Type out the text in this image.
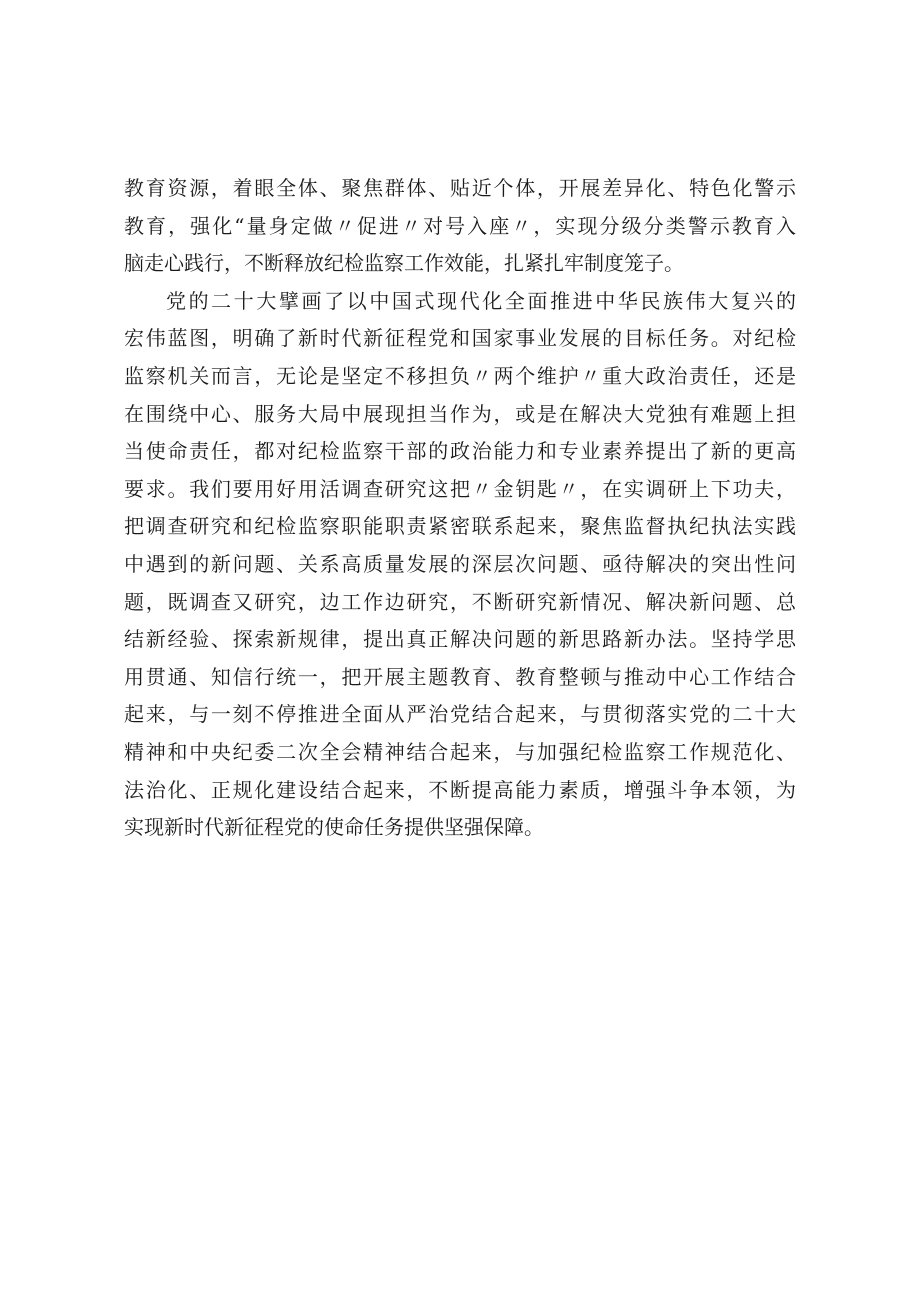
教育资源，着眼全体、聚焦群体、贴近个体，开展差异化、特色化警示
教育，强化“量身定做〃促进〃对号入座〃，实现分级分类警示教育入
脑走心践行，不断释放纪检监察工作效能，扎紧扎牢制度笼子。
党的二十大擘画了以中国式现代化全面推进中华民族伟大复兴的
宏伟蓝图，明确了新时代新征程党和国家事业发展的目标任务。对纪检
监察机关而言，无论是坚定不移担负〃两个维护〃重大政治责任，还是
在围绕中心、服务大局中展现担当作为，或是在解决大党独有难题上担
当使命责任，都对纪检监察干部的政治能力和专业素养提出了新的更高
要求。我们要用好用活调查研究这把〃金钥匙〃，在实调研上下功夫，
把调查研究和纪检监察职能职责紧密联系起来，聚焦监督执纪执法实践
中遇到的新问题、关系高质量发展的深层次问题、亟待解决的突出性问
题，既调查又研究，边工作边研究，不断研究新情况、解决新问题、总
结新经验、探索新规律，提出真正解决问题的新思路新办法。坚持学思
用贯通、知信行统一，把开展主题教育、教育整顿与推动中心工作结合
起来，与一刻不停推进全面从严治党结合起来，与贯彻落实党的二十大
精神和中央纪委二次全会精神结合起来，与加强纪检监察工作规范化、
法治化、正规化建设结合起来，不断提高能力素质，增强斗争本领，为
实现新时代新征程党的使命任务提供坚强保障。
